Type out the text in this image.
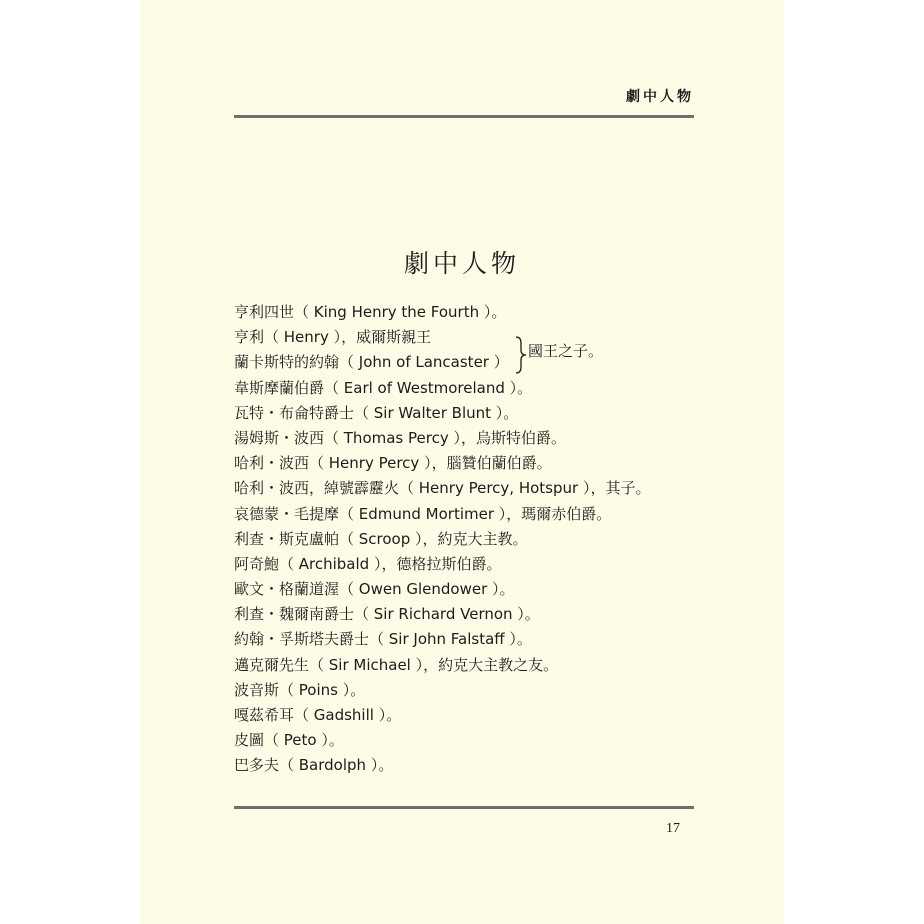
劇中人物
劇中人物
亨利四世（ King Henry the Fourth ）。
亨利（ Henry ），威爾斯親王
蘭卡斯特的約翰（ John of Lancaster ）
韋斯摩蘭伯爵（ Earl of Westmoreland ）。
瓦特・布侖特爵士（ Sir Walter Blunt ）。
湯姆斯・波西（ Thomas Percy ），烏斯特伯爵。
哈利・波西（ Henry Percy ），腦贊伯蘭伯爵。
哈利・波西，綽號霹靂火（ Henry Percy, Hotspur ），其子。
哀德蒙・毛提摩（ Edmund Mortimer ），瑪爾赤伯爵。
利查・斯克盧帕（ Scroop ），約克大主教。
阿奇鮑（ Archibald ），德格拉斯伯爵。
歐文・格蘭道渥（ Owen Glendower ）。
利查・魏爾南爵士（ Sir Richard Vernon ）。
約翰・孚斯塔夫爵士（ Sir John Falstaff ）。
邁克爾先生（ Sir Michael ），約克大主教之友。
波音斯（ Poins ）。
嘎茲希耳（ Gadshill ）。
皮圖（ Peto ）。
巴多夫（ Bardolph ）。
國王之子。
17
